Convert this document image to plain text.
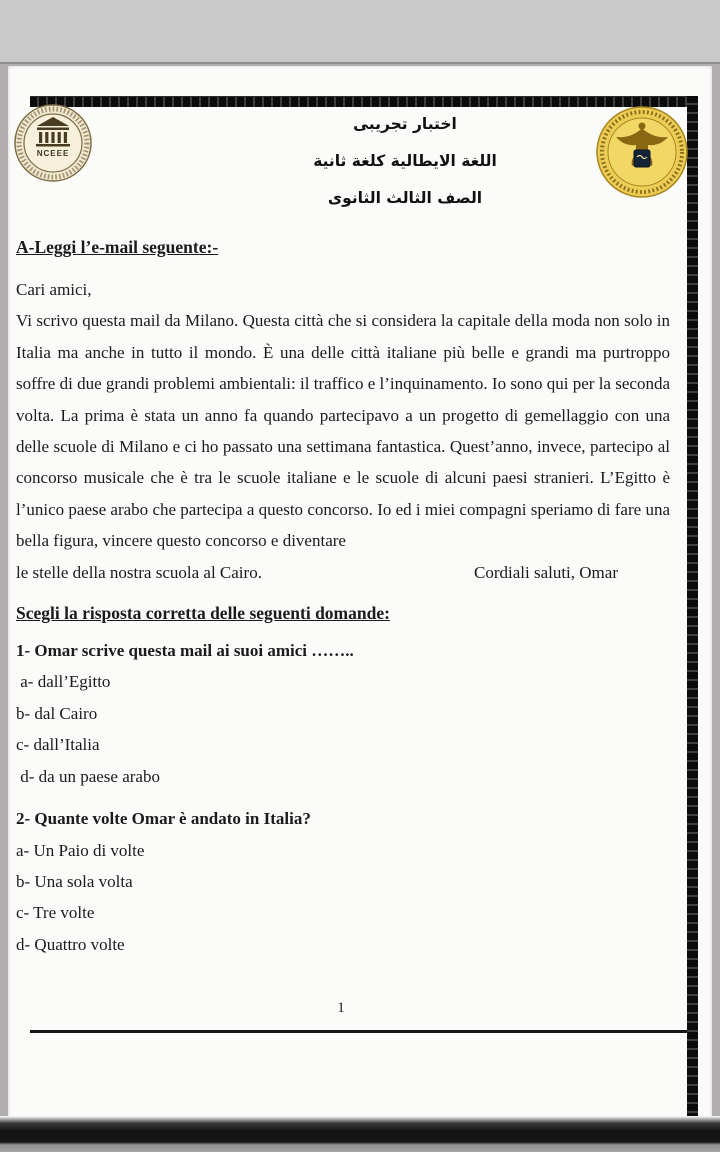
NCEEE
اختبار تجريبى
اللغة الايطالية كلغة ثانية
الصف الثالث الثانوى
A-Leggi l’e-mail seguente:-
Cari amici,
Vi scrivo questa mail da Milano. Questa città che si considera la capitale della moda non solo in Italia ma anche in tutto il mondo. È una delle città italiane più belle e grandi ma purtroppo soffre di due grandi problemi ambientali: il traffico e l’inquinamento. Io sono qui per la seconda volta. La prima è stata un anno fa quando partecipavo a un progetto di gemellaggio con una delle scuole di Milano e ci ho passato una settimana fantastica. Quest’anno, invece, partecipo al concorso musicale che è tra le scuole italiane e le scuole di alcuni paesi stranieri. L’Egitto è l’unico paese arabo che partecipa a questo concorso. Io ed i miei compagni speriamo di fare una bella figura, vincere questo concorso e diventare
le stelle della nostra scuola al Cairo.	Cordiali saluti, Omar
Scegli la risposta corretta delle seguenti domande:
1- Omar scrive questa mail ai suoi amici ……..
a- dall’Egitto
b- dal Cairo
c- dall’Italia
d- da un paese arabo
2- Quante volte Omar è andato in Italia?
a- Un Paio di volte
b- Una sola volta
c- Tre volte
d- Quattro volte
1
